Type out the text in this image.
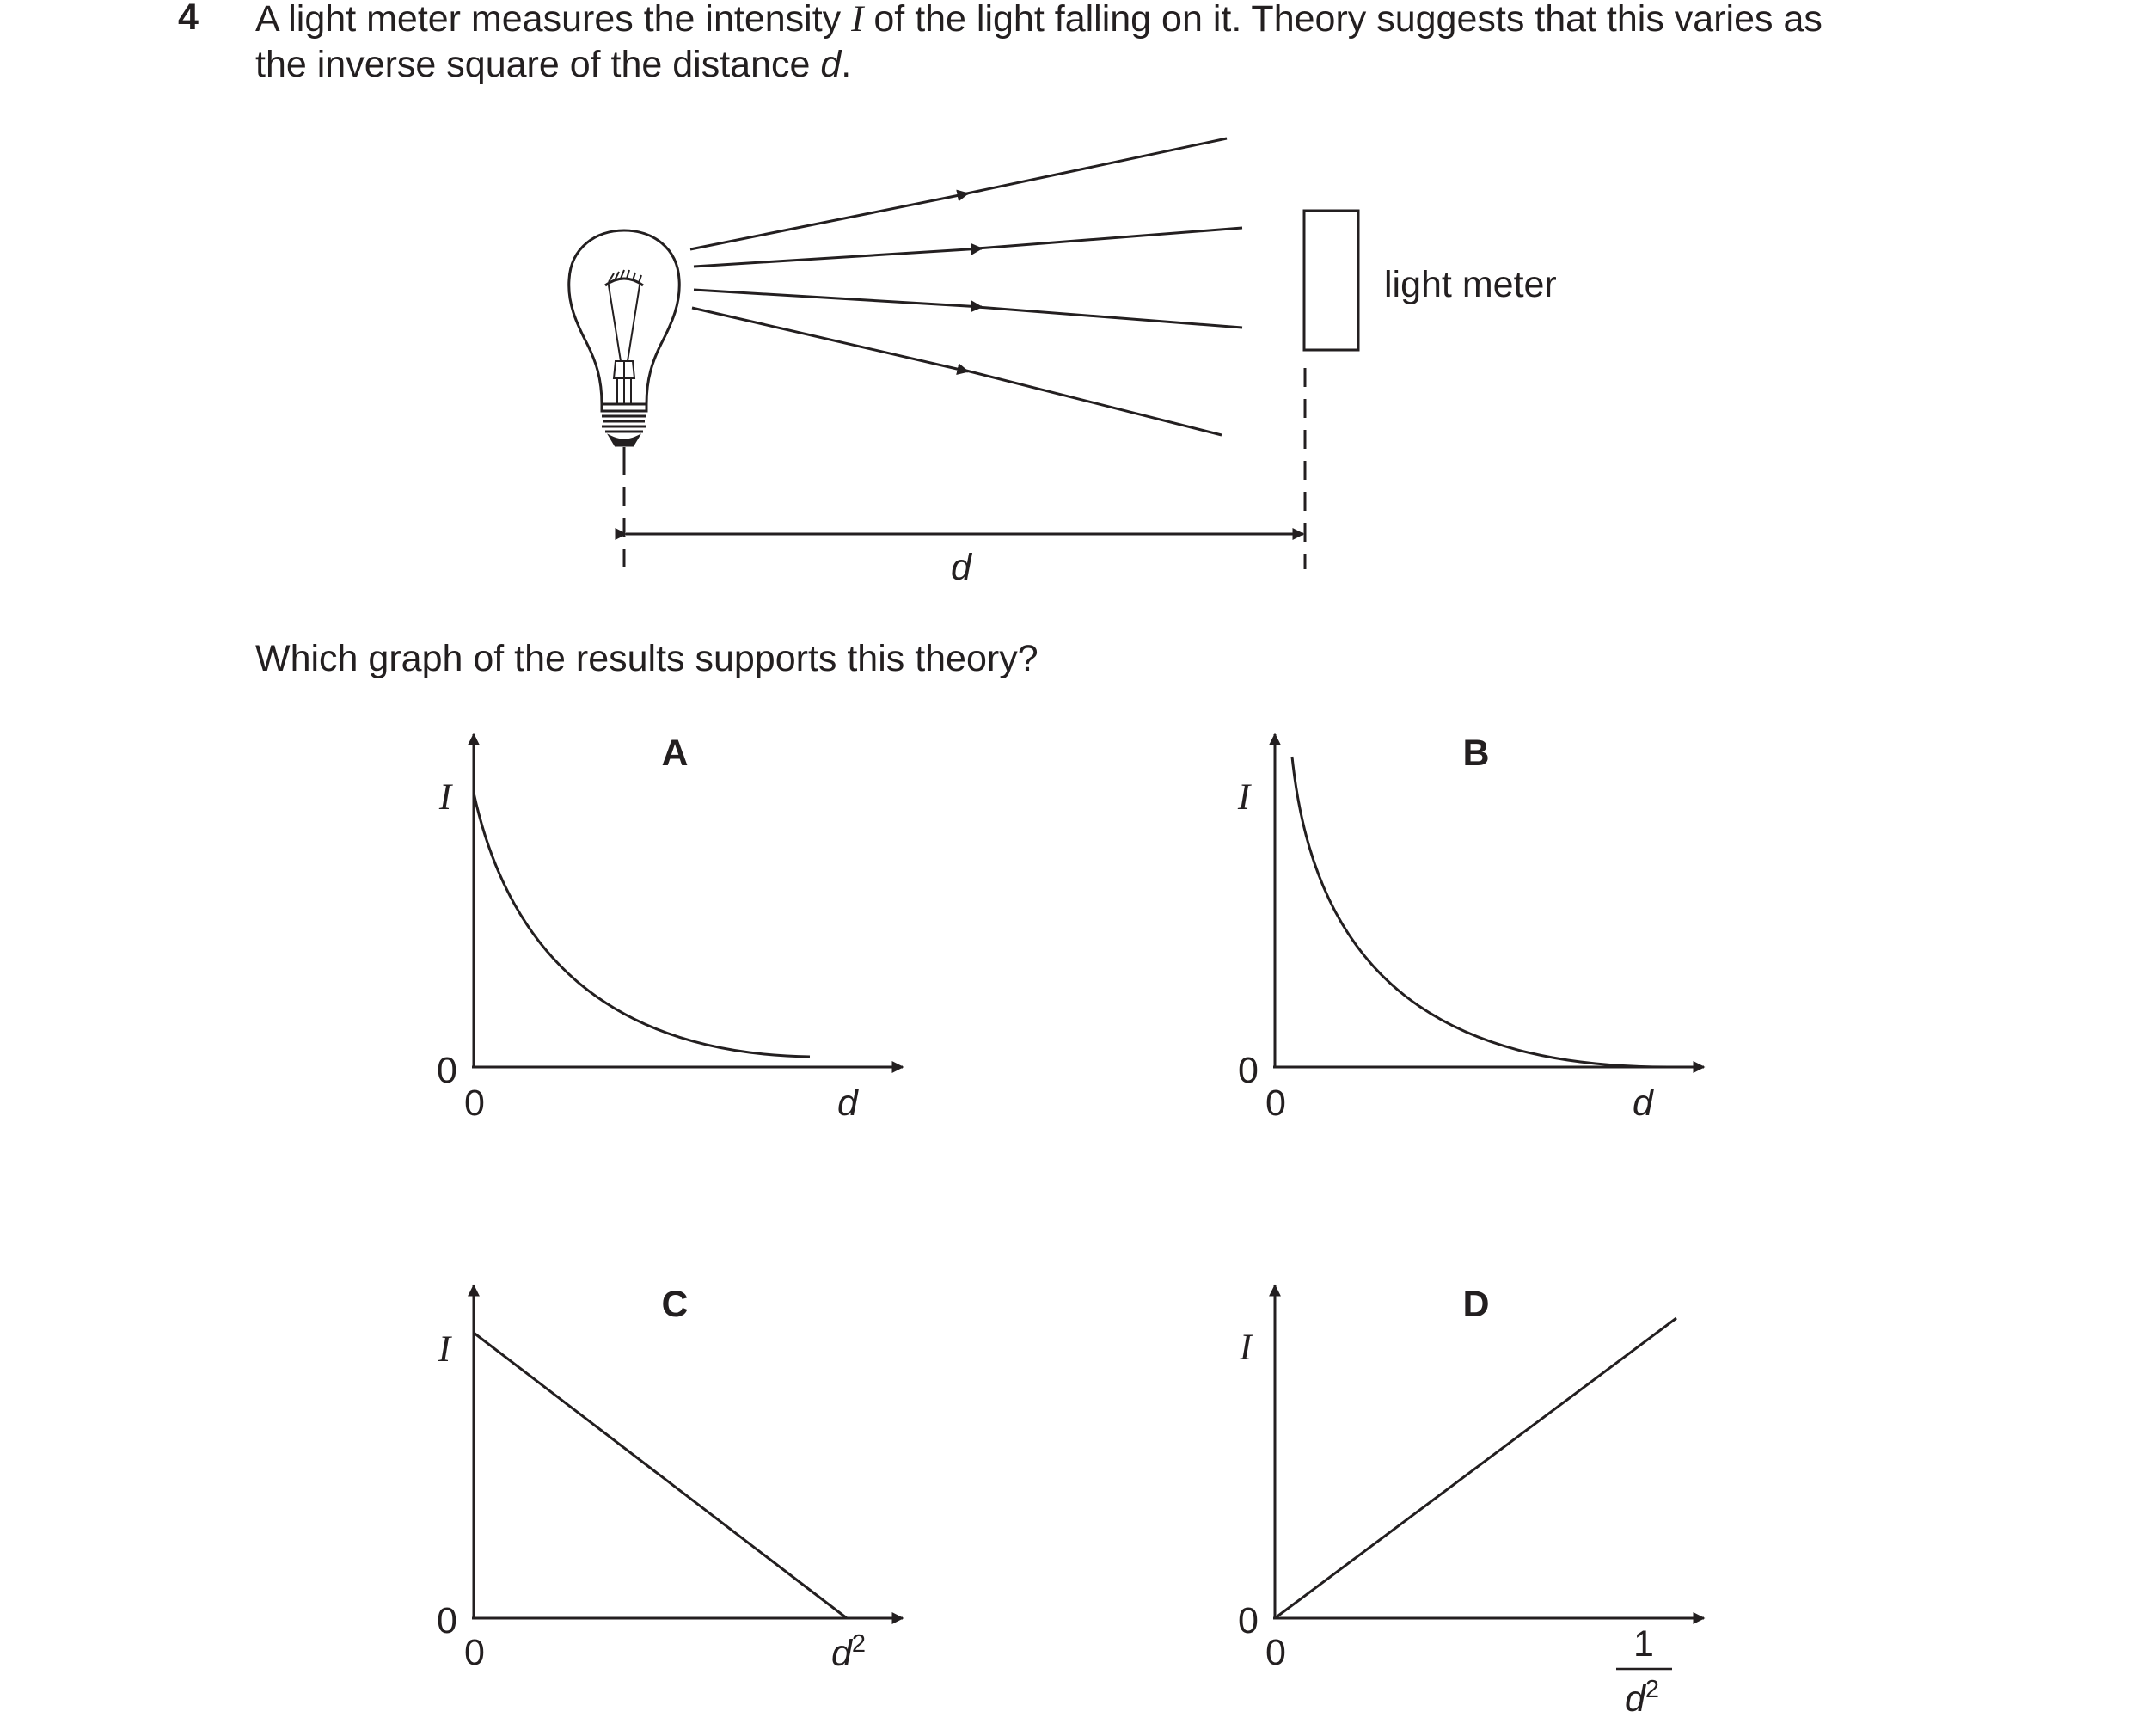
4 A light meter measures the intensity I of the light falling on it. Theory suggests that this varies as
the inverse square of the distance d.
Which graph of the results supports this theory?
light meter
d
A
I
0
0	d
B
I
0
0	d
C
I
0
0	$d^2$
D
I
0
0	1
$d^2$
